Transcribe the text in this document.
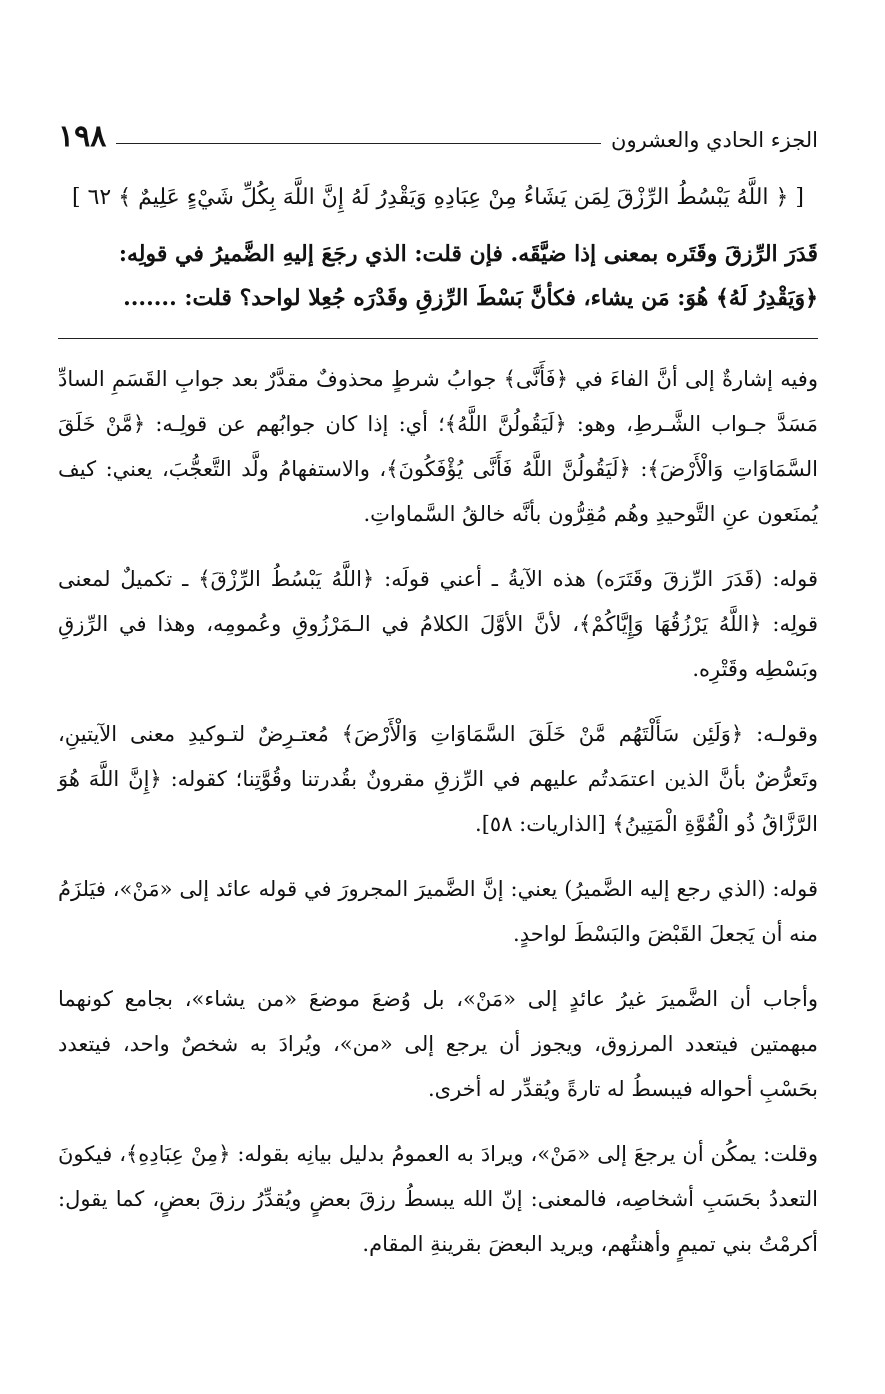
١٩٨	الجزء الحادي والعشرون
[ ﴿ اللَّهُ يَبْسُطُ الرِّزْقَ لِمَن يَشَاءُ مِنْ عِبَادِهِ وَيَقْدِرُ لَهُ إِنَّ اللَّهَ بِكُلِّ شَيْءٍ عَلِيمٌ ﴾ ٦٢ ]
قَدَرَ الرِّزقَ وقَتَره بمعنى إذا ضيَّقَه. فإن قلت: الذي رجَعَ إليهِ الضَّميرُ في قولِه:
﴿وَيَقْدِرُ لَهُ﴾ هُوَ: مَن يشاء، فكأنَّ بَسْطَ الرِّزقِ وقَدْرَه جُعِلا لواحد؟ قلت: .......

وفيه إشارةٌ إلى أنَّ الفاءَ في ﴿فَأَنَّى﴾ جوابُ شرطٍ محذوفٌ مقدَّرٌ بعد جوابِ القَسَمِ السادِّ مَسَدَّ جـواب الشَّـرطِ، وهو: ﴿لَيَقُولُنَّ اللَّهُ﴾؛ أي: إذا كان جوابُهم عن قولِـه: ﴿مَّنْ خَلَقَ السَّمَاوَاتِ وَالْأَرْضَ﴾: ﴿لَيَقُولُنَّ اللَّهُ فَأَنَّى يُؤْفَكُونَ﴾، والاستفهامُ ولَّد التَّعجُّبَ، يعني: كيف يُمنَعون عنِ التَّوحيدِ وهُم مُقِرُّون بأنَّه خالقُ السَّماواتِ.

قوله: (قَدَرَ الرِّزقَ وقَتَرَه) هذه الآيةُ ـ أعني قولَه: ﴿اللَّهُ يَبْسُطُ الرِّزْقَ﴾ ـ تكميلٌ لمعنى قولِه: ﴿اللَّهُ يَرْزُقُهَا وَإِيَّاكُمْ﴾، لأنَّ الأوَّلَ الكلامُ في الـمَرْزُوقِ وعُمومِه، وهذا في الرِّزقِ وبَسْطِه وقَتْرِه.

وقولـه: ﴿وَلَئِن سَأَلْتَهُم مَّنْ خَلَقَ السَّمَاوَاتِ وَالْأَرْضَ﴾ مُعتـرِضٌ لتـوكيدِ معنى الآيتينِ، وتَعرُّضٌ بأنَّ الذين اعتمَدتُم عليهم في الرِّزقِ مقرونٌ بقُدرتنا وقُوَّتِنا؛ كقوله: ﴿إِنَّ اللَّهَ هُوَ الرَّزَّاقُ ذُو الْقُوَّةِ الْمَتِينُ﴾ [الذاريات: ٥٨].

قوله: (الذي رجع إليه الضَّميرُ) يعني: إنَّ الضَّميرَ المجرورَ في قوله عائد إلى «مَنْ»، فيَلزَمُ منه أن يَجعلَ القَبْضَ والبَسْطَ لواحدٍ.

وأجاب أن الضَّميرَ غيرُ عائدٍ إلى «مَنْ»، بل وُضعَ موضعَ «من يشاء»، بجامع كونهما مبهمتين فيتعدد المرزوق، ويجوز أن يرجع إلى «من»، ويُرادَ به شخصٌ واحد، فيتعدد بحَسْبِ أحواله فيبسطُ له تارةً ويُقدِّر له أخرى.

وقلت: يمكُن أن يرجعَ إلى «مَنْ»، ويرادَ به العمومُ بدليل بيانِه بقوله: ﴿مِنْ عِبَادِهِ﴾، فيكونَ التعددُ بحَسَبِ أشخاصِه، فالمعنى: إنّ الله يبسطُ رزقَ بعضٍ ويُقدِّرُ رزقَ بعضٍ، كما يقول: أكرمْتُ بني تميمٍ وأهنتُهم، ويريد البعضَ بقرينةِ المقام.
